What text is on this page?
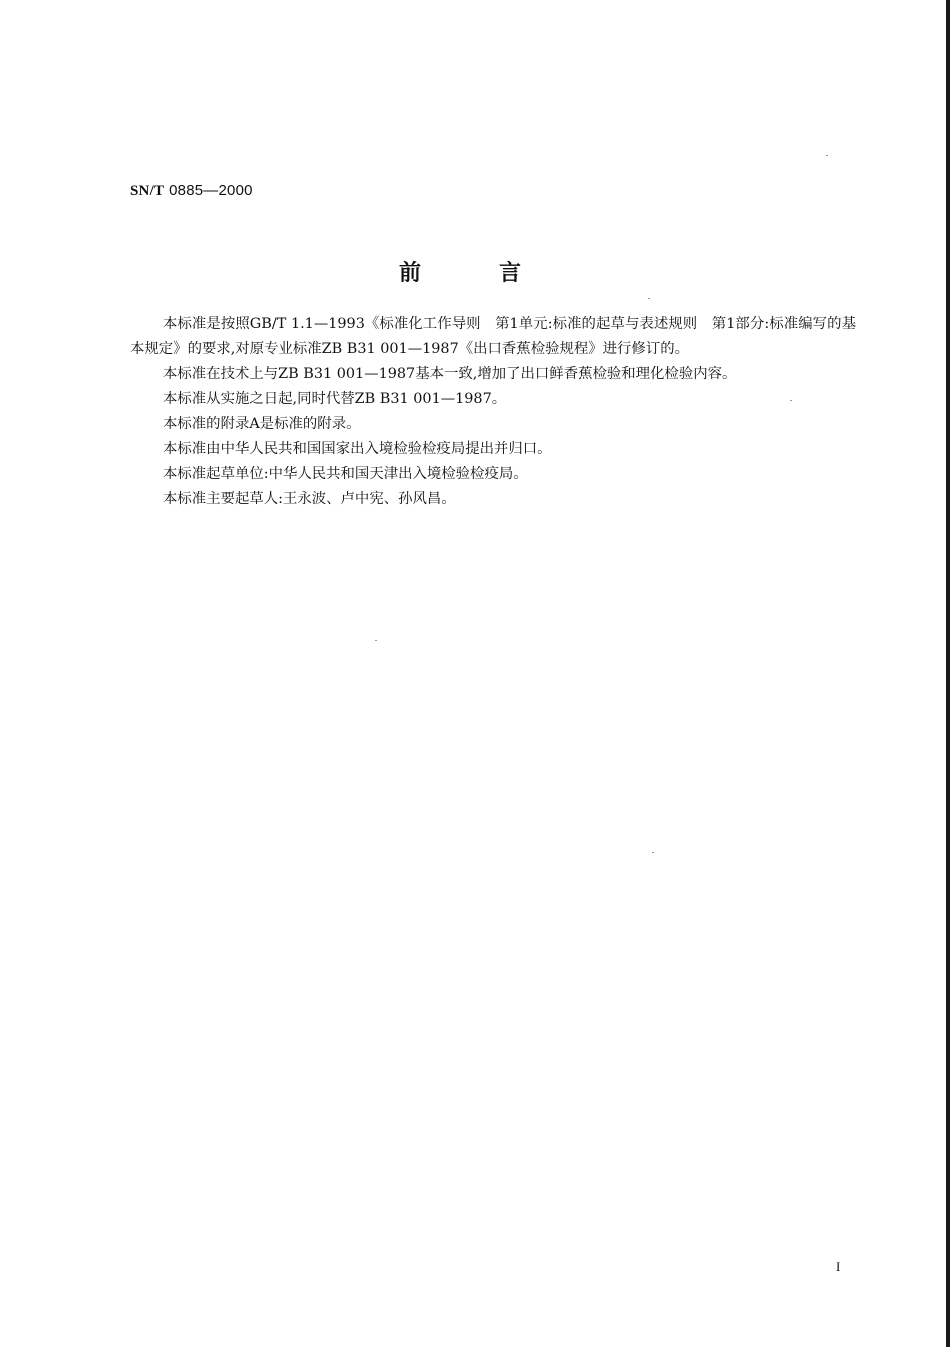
SN/T 0885—2000
前言

本标准是按照GB/T 1.1—1993《标准化工作导则　第1单元:标准的起草与表述规则　第1部分:标准编写的基本规定》的要求,对原专业标准ZB B31 001—1987《出口香蕉检验规程》进行修订的。

本标准在技术上与ZB B31 001—1987基本一致,增加了出口鲜香蕉检验和理化检验内容。

本标准从实施之日起,同时代替ZB B31 001—1987。

本标准的附录A是标准的附录。

本标准由中华人民共和国国家出入境检验检疫局提出并归口。

本标准起草单位:中华人民共和国天津出入境检验检疫局。

本标准主要起草人:王永波、卢中宪、孙风昌。

I
